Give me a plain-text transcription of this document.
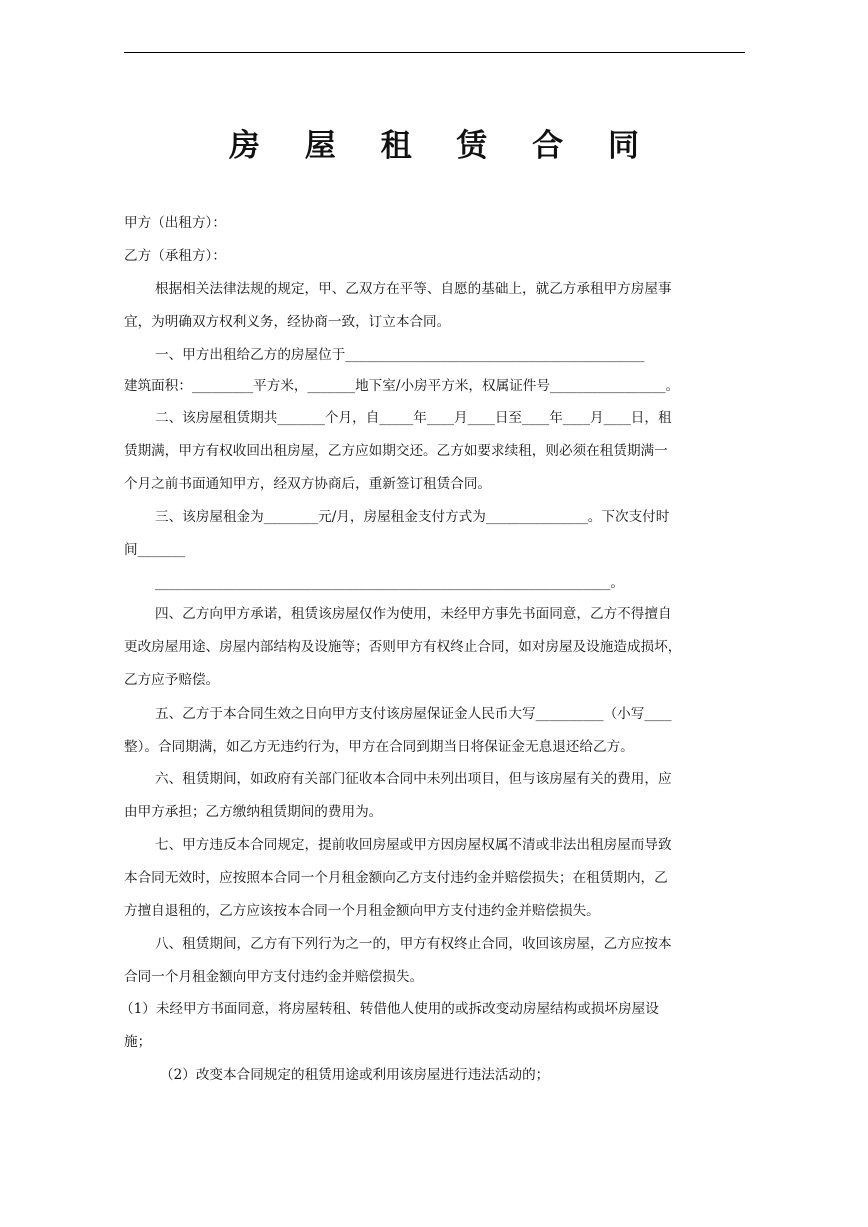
房 屋 租 赁 合 同
甲方（出租方）：
乙方（承租方）：
根据相关法律法规的规定，甲、乙双方在平等、自愿的基础上，就乙方承租甲方房屋事
宜，为明确双方权利义务，经协商一致，订立本合同。
一、甲方出租给乙方的房屋位于____________________________________________
建筑面积：_________平方米，_______地下室/小房平方米，权属证件号_________________。
二、该房屋租赁期共_______个月，自_____年____月____日至____年____月____日，租
赁期满，甲方有权收回出租房屋，乙方应如期交还。乙方如要求续租，则必须在租赁期满一
个月之前书面通知甲方，经双方协商后，重新签订租赁合同。
三、该房屋租金为________元/月，房屋租金支付方式为_______________。下次支付时
间_______
___________________________________________________________________。
四、乙方向甲方承诺，租赁该房屋仅作为使用，未经甲方事先书面同意，乙方不得擅自
更改房屋用途、房屋内部结构及设施等；否则甲方有权终止合同，如对房屋及设施造成损坏，
乙方应予赔偿。
五、乙方于本合同生效之日向甲方支付该房屋保证金人民币大写__________（小写____
整）。合同期满，如乙方无违约行为，甲方在合同到期当日将保证金无息退还给乙方。
六、租赁期间，如政府有关部门征收本合同中未列出项目，但与该房屋有关的费用，应
由甲方承担；乙方缴纳租赁期间的费用为。
七、甲方违反本合同规定，提前收回房屋或甲方因房屋权属不清或非法出租房屋而导致
本合同无效时，应按照本合同一个月租金额向乙方支付违约金并赔偿损失；在租赁期内，乙
方擅自退租的，乙方应该按本合同一个月租金额向甲方支付违约金并赔偿损失。
八、租赁期间，乙方有下列行为之一的，甲方有权终止合同，收回该房屋，乙方应按本
合同一个月租金额向甲方支付违约金并赔偿损失。
（1）未经甲方书面同意，将房屋转租、转借他人使用的或拆改变动房屋结构或损坏房屋设
施；
（2）改变本合同规定的租赁用途或利用该房屋进行违法活动的；
